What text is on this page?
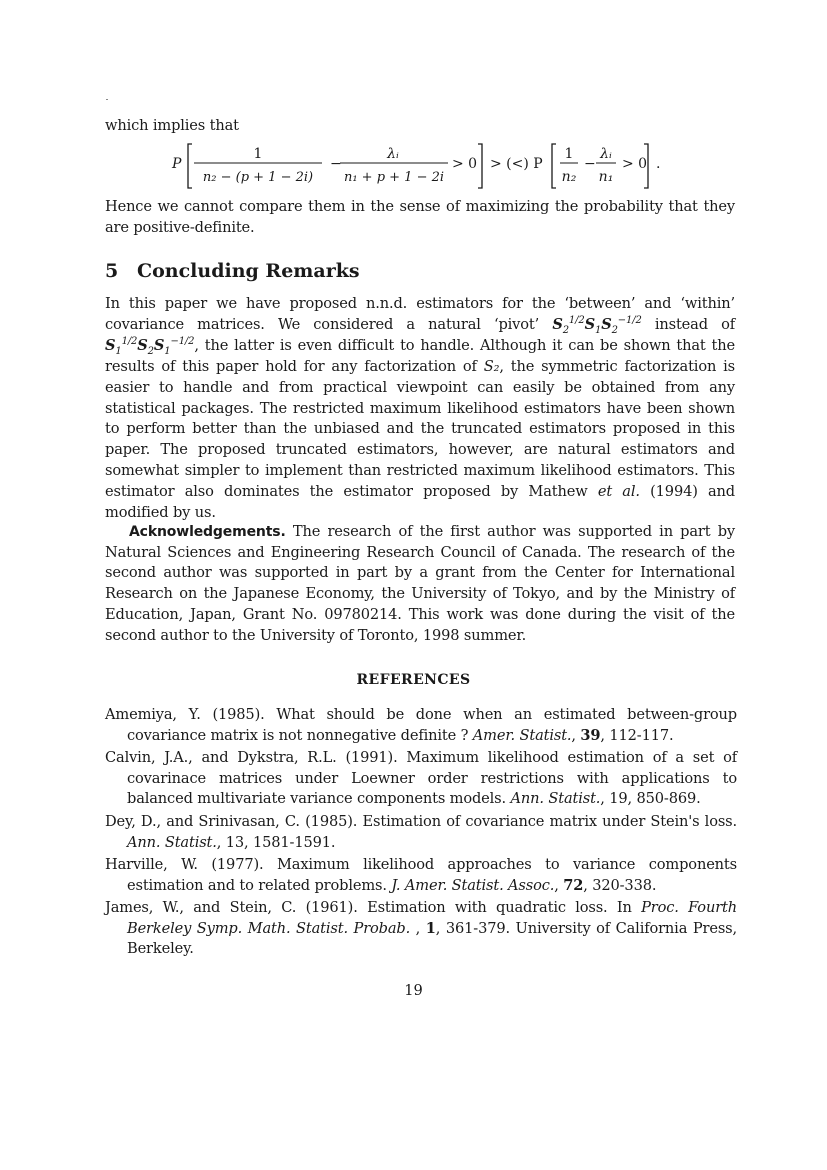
which implies that
P
1
n₂ − (p + 1 − 2i)
−
λᵢ
n₁ + p + 1 − 2i
> 0 > (<) P
1
n₂
−
λᵢ
n₁
> 0 .
Hence we cannot compare them in the sense of maximizing the probability that they are positive-definite.
5 Concluding Remarks
In this paper we have proposed n.n.d. estimators for the ‘between’ and ‘within’ covariance matrices. We considered a natural ‘pivot’ $S_2^{1/2}S_1S_2^{-1/2}$ instead of $S_1^{1/2}S_2S_1^{-1/2}$, the latter is even difficult to handle. Although it can be shown that the results of this paper hold for any factorization of S₂, the symmetric factorization is easier to handle and from practical viewpoint can easily be obtained from any statistical packages. The restricted maximum likelihood estimators have been shown to perform better than the unbiased and the truncated estimators proposed in this paper. The proposed truncated estimators, however, are natural estimators and somewhat simpler to implement than restricted maximum likelihood estimators. This estimator also dominates the estimator proposed by Mathew et al. (1994) and modified by us.
Acknowledgements. The research of the first author was supported in part by Natural Sciences and Engineering Research Council of Canada. The research of the second author was supported in part by a grant from the Center for International Research on the Japanese Economy, the University of Tokyo, and by the Ministry of Education, Japan, Grant No. 09780214. This work was done during the visit of the second author to the University of Toronto, 1998 summer.
REFERENCES
Amemiya, Y. (1985). What should be done when an estimated between-group covariance matrix is not nonnegative definite ? Amer. Statist., 39, 112-117.
Calvin, J.A., and Dykstra, R.L. (1991). Maximum likelihood estimation of a set of covarinace matrices under Loewner order restrictions with applications to balanced multivariate variance components models. Ann. Statist., 19, 850-869.
Dey, D., and Srinivasan, C. (1985). Estimation of covariance matrix under Stein's loss. Ann. Statist., 13, 1581-1591.
Harville, W. (1977). Maximum likelihood approaches to variance components estimation and to related problems. J. Amer. Statist. Assoc., 72, 320-338.
James, W., and Stein, C. (1961). Estimation with quadratic loss. In Proc. Fourth Berkeley Symp. Math. Statist. Probab. , 1, 361-379. University of California Press, Berkeley.
19
